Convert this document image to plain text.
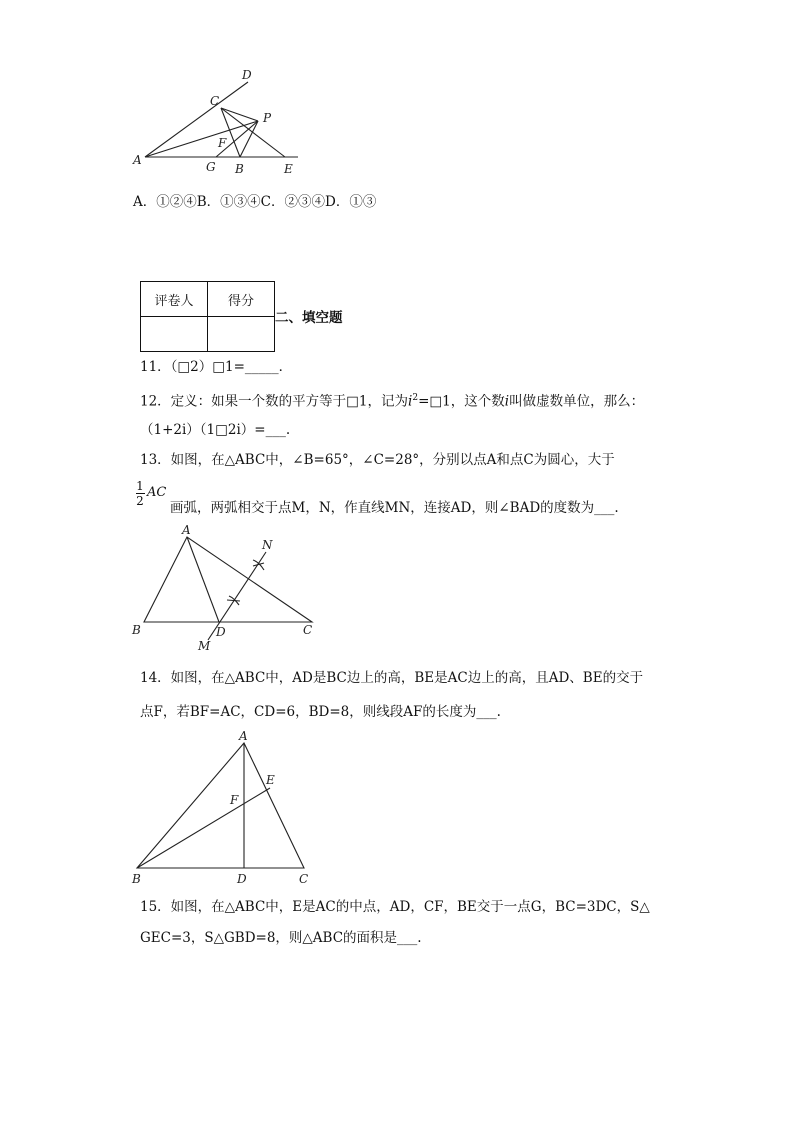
D
C
P
F
A	G B	E
A．①②④B．①③④C．②③④D．①③
评卷人	得分

二、填空题
11．（□2）□1=_____．
12．定义：如果一个数的平方等于□1，记为$i^2=□1$，这个数i叫做虚数单位，那么：
（1+2i）（1□2i）=___.
13．如图，在△ABC中，∠B=65°，∠C=28°，分别以点A和点C为圆心，大于
1
2
AC
画弧，两弧相交于点M，N，作直线MN，连接AD，则∠BAD的度数为___.
A
N
B	D	C
M
14．如图，在△ABC中，AD是BC边上的高，BE是AC边上的高，且AD、BE的交于
点F，若BF=AC，CD=6，BD=8，则线段AF的长度为___.
A
E
F
B	D	C
15．如图，在△ABC中，E是AC的中点，AD，CF，BE交于一点G，BC=3DC，S△
GEC=3，S△GBD=8，则△ABC的面积是___.
